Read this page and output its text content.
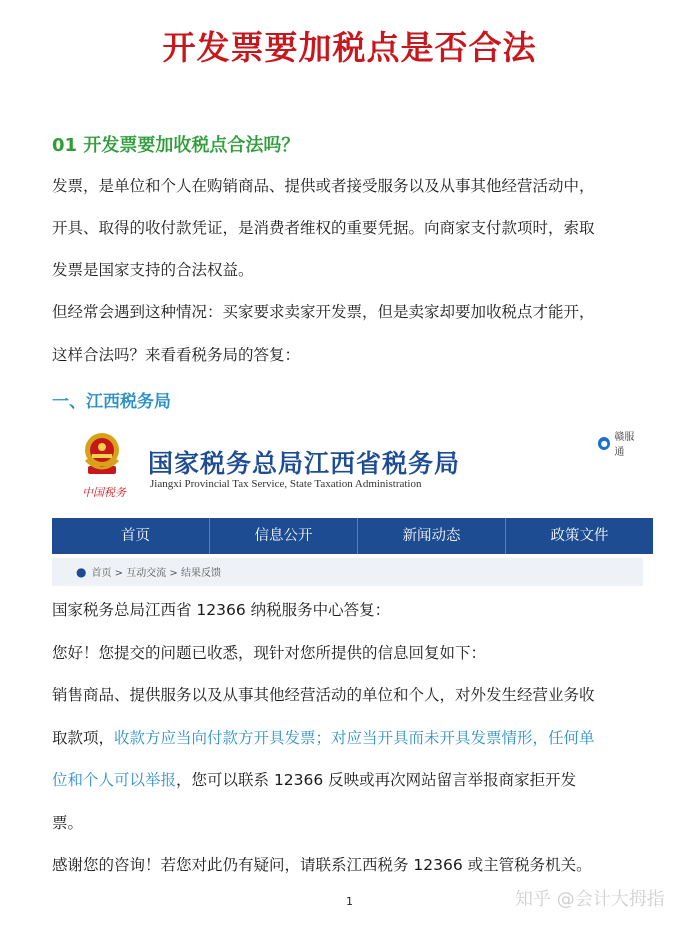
开发票要加税点是否合法
01 开发票要加收税点合法吗？
发票，是单位和个人在购销商品、提供或者接受服务以及从事其他经营活动中，
开具、取得的收付款凭证，是消费者维权的重要凭据。向商家支付款项时，索取
发票是国家支持的合法权益。
但经常会遇到这种情况：买家要求卖家开发票，但是卖家却要加收税点才能开，
这样合法吗？来看看税务局的答复：
一、江西税务局
中国税务
国家税务总局江西省税务局
Jiangxi Provincial Tax Service, State Taxation Administration
● 赣服通
首页	信息公开	新闻动态	政策文件
● 首页 > 互动交流 > 结果反馈
国家税务总局江西省 12366 纳税服务中心答复：
您好！您提交的问题已收悉，现针对您所提供的信息回复如下：
销售商品、提供服务以及从事其他经营活动的单位和个人，对外发生经营业务收
取款项，收款方应当向付款方开具发票；对应当开具而未开具发票情形，任何单
位和个人可以举报，您可以联系 12366 反映或再次网站留言举报商家拒开发
票。
感谢您的咨询！若您对此仍有疑问，请联系江西税务 12366 或主管税务机关。
1	知乎 @会计大拇指
